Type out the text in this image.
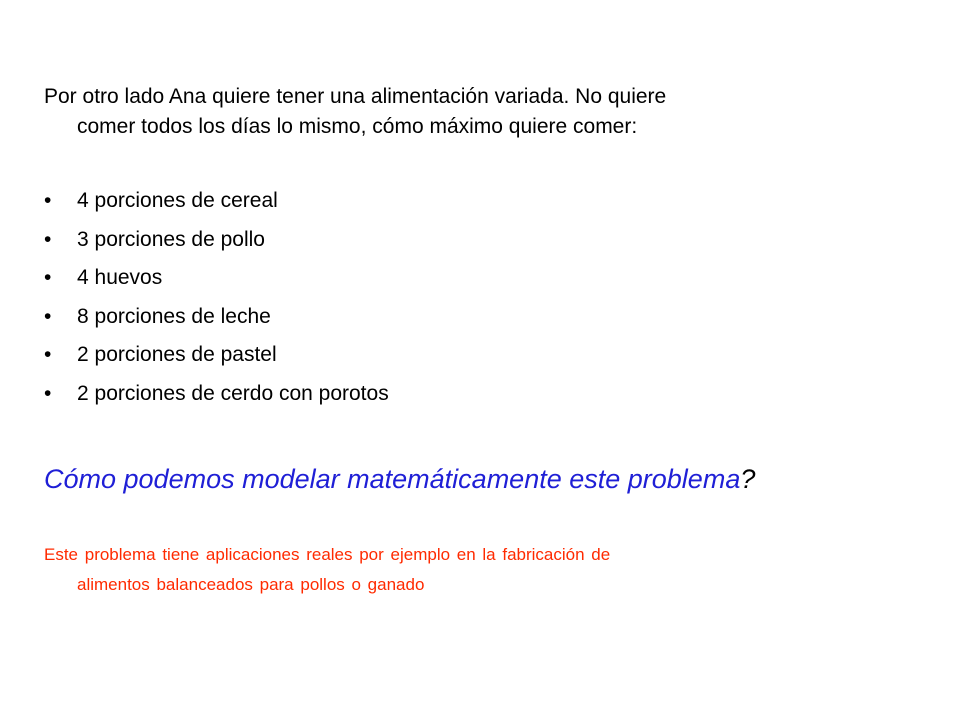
Por otro lado Ana quiere tener una alimentación variada. No quiere
comer todos los días lo mismo, cómo máximo quiere comer:

• 4 porciones de cereal
• 3 porciones de pollo
• 4 huevos
• 8 porciones de leche
• 2 porciones de pastel
• 2 porciones de cerdo con porotos
Cómo podemos modelar matemáticamente este problema?

Este problema tiene aplicaciones reales por ejemplo en la fabricación de
alimentos balanceados para pollos o ganado
